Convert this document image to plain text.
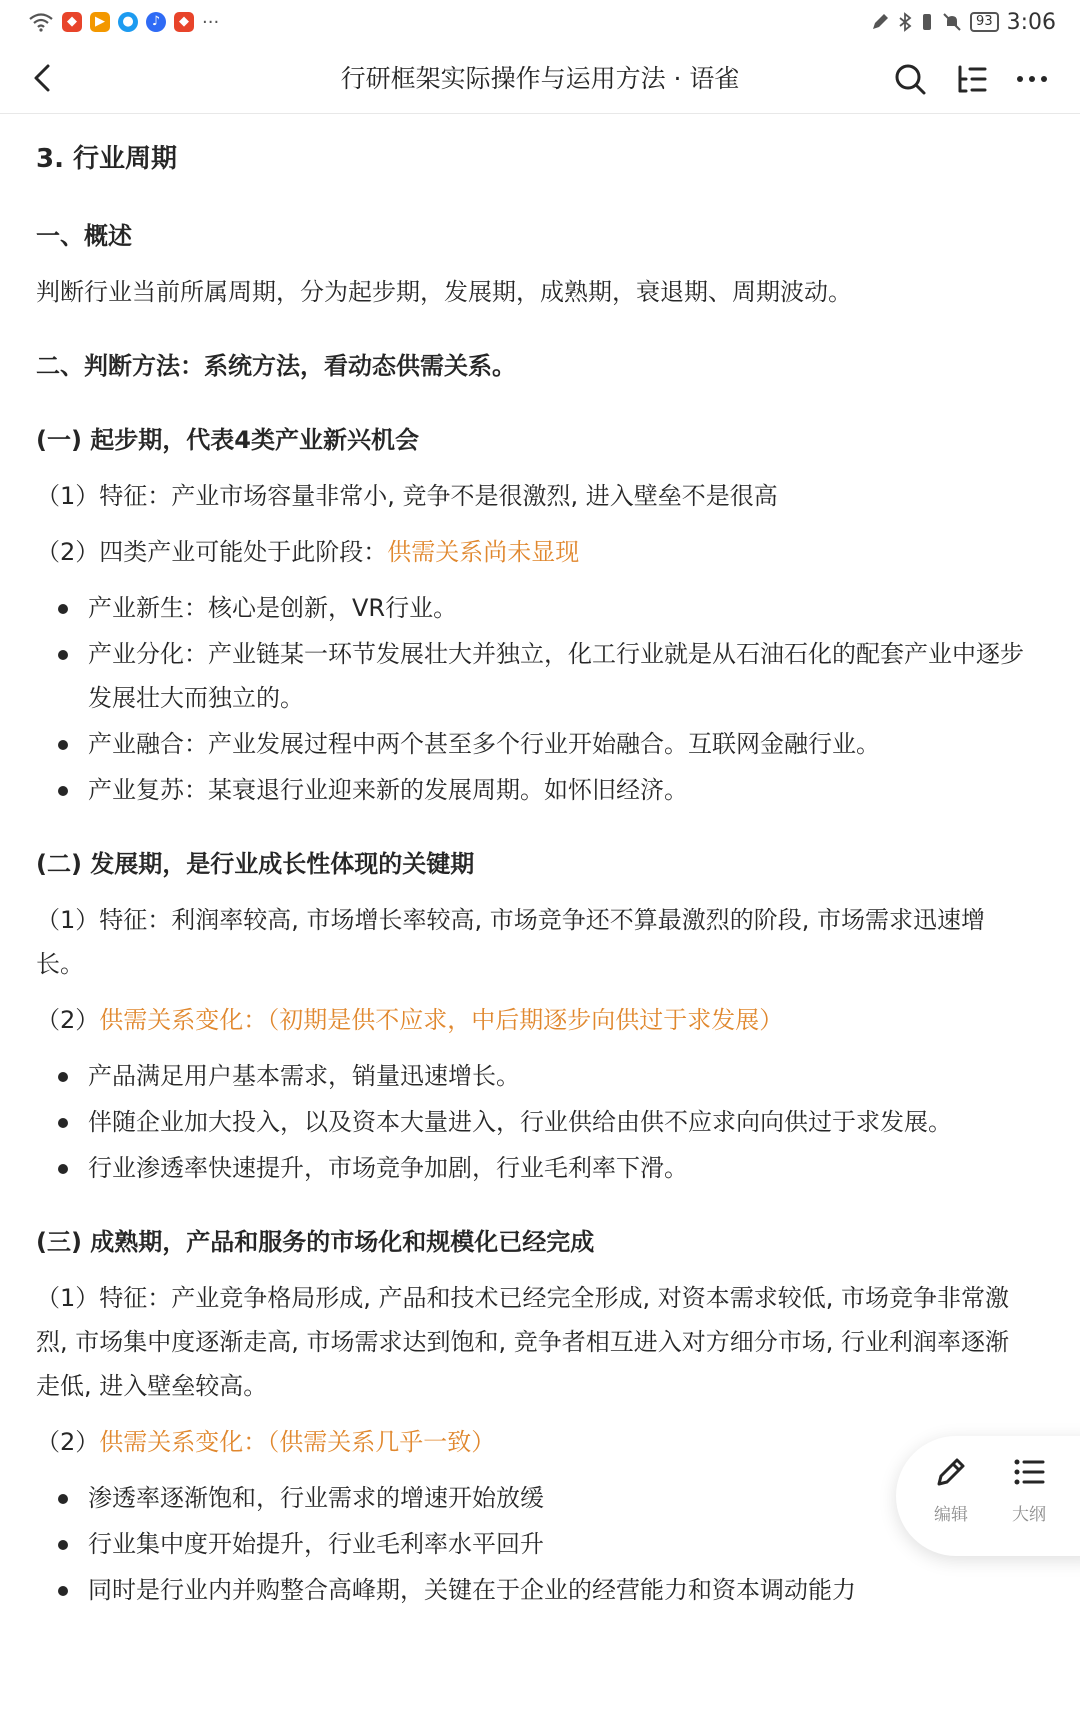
◆	▶	●	♪	◆ ···	93 3:06
行研框架实际操作与运用方法 · 语雀
3. 行业周期
一、概述
判断行业当前所属周期，分为起步期，发展期，成熟期，衰退期、周期波动。
二、判断方法：系统方法，看动态供需关系。
(一) 起步期，代表4类产业新兴机会
（1）特征：产业市场容量非常小, 竞争不是很激烈, 进入壁垒不是很高
（2）四类产业可能处于此阶段：供需关系尚未显现
产业新生：核心是创新，VR行业。
产业分化：产业链某一环节发展壮大并独立，化工行业就是从石油石化的配套产业中逐步发展壮大而独立的。
产业融合：产业发展过程中两个甚至多个行业开始融合。互联网金融行业。
产业复苏：某衰退行业迎来新的发展周期。如怀旧经济。
(二) 发展期，是行业成长性体现的关键期
（1）特征：利润率较高, 市场增长率较高, 市场竞争还不算最激烈的阶段, 市场需求迅速增长。
（2）供需关系变化：（初期是供不应求，中后期逐步向供过于求发展）
产品满足用户基本需求，销量迅速增长。
伴随企业加大投入，以及资本大量进入，行业供给由供不应求向向供过于求发展。
行业渗透率快速提升，市场竞争加剧，行业毛利率下滑。
(三) 成熟期，产品和服务的市场化和规模化已经完成
（1）特征：产业竞争格局形成, 产品和技术已经完全形成, 对资本需求较低, 市场竞争非常激烈, 市场集中度逐渐走高, 市场需求达到饱和, 竞争者相互进入对方细分市场, 行业利润率逐渐走低, 进入壁垒较高。
（2）供需关系变化：（供需关系几乎一致）
渗透率逐渐饱和，行业需求的增速开始放缓
行业集中度开始提升，行业毛利率水平回升
同时是行业内并购整合高峰期，关键在于企业的经营能力和资本调动能力
编辑	大纲
